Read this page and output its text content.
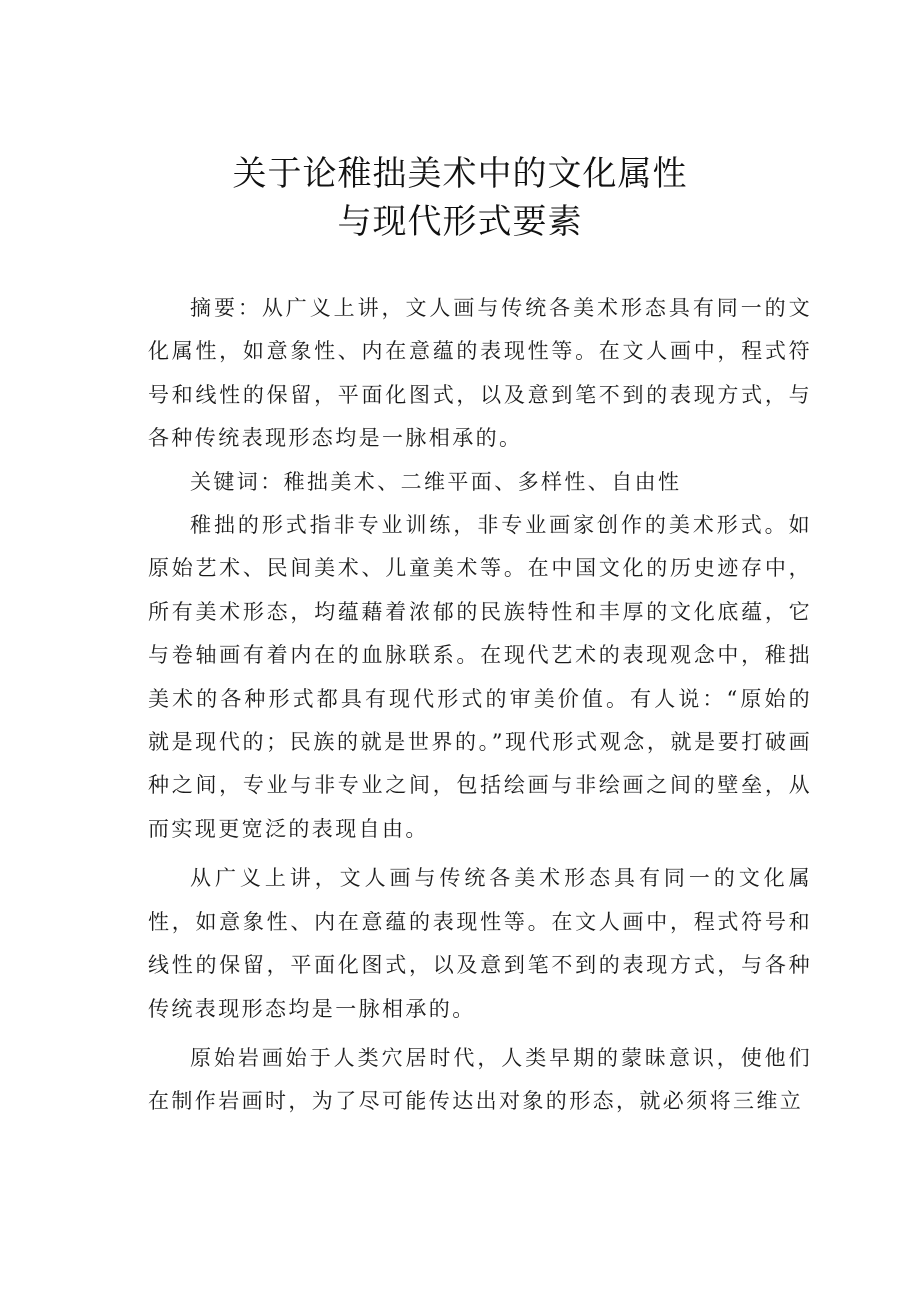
关于论稚拙美术中的文化属性
与现代形式要素

摘要：从广义上讲，文人画与传统各美术形态具有同一的文化属性，如意象性、内在意蕴的表现性等。在文人画中，程式符号和线性的保留，平面化图式，以及意到笔不到的表现方式，与各种传统表现形态均是一脉相承的。

关键词：稚拙美术、二维平面、多样性、自由性

稚拙的形式指非专业训练，非专业画家创作的美术形式。如原始艺术、民间美术、儿童美术等。在中国文化的历史迹存中，所有美术形态，均蕴藉着浓郁的民族特性和丰厚的文化底蕴，它与卷轴画有着内在的血脉联系。在现代艺术的表现观念中，稚拙美术的各种形式都具有现代形式的审美价值。有人说：“原始的就是现代的；民族的就是世界的。”现代形式观念，就是要打破画种之间，专业与非专业之间，包括绘画与非绘画之间的壁垒，从而实现更宽泛的表现自由。

从广义上讲，文人画与传统各美术形态具有同一的文化属性，如意象性、内在意蕴的表现性等。在文人画中，程式符号和线性的保留，平面化图式，以及意到笔不到的表现方式，与各种传统表现形态均是一脉相承的。

原始岩画始于人类穴居时代，人类早期的蒙昧意识，使他们在制作岩画时，为了尽可能传达出对象的形态，就必须将三维立
